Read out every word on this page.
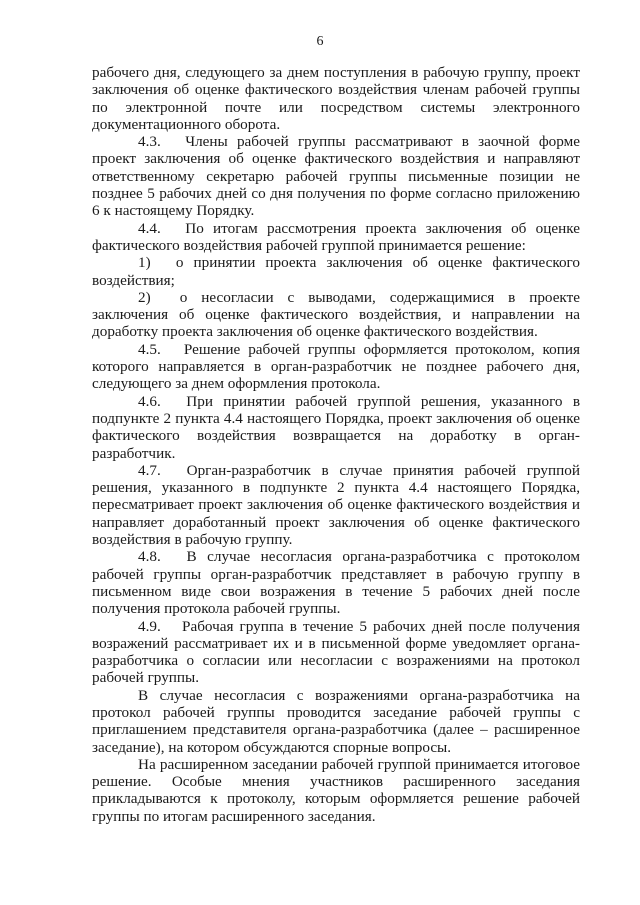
6

рабочего дня, следующего за днем поступления в рабочую группу, проект заключения об оценке фактического воздействия членам рабочей группы по электронной почте или посредством системы электронного документационного оборота.

4.3.  Члены рабочей группы рассматривают в заочной форме проект заключения об оценке фактического воздействия и направляют ответственному секретарю рабочей группы письменные позиции не позднее 5 рабочих дней со дня получения по форме согласно приложению 6 к настоящему Порядку.

4.4.  По итогам рассмотрения проекта заключения об оценке фактического воздействия рабочей группой принимается решение:

1)  о принятии проекта заключения об оценке фактического воздействия;

2)  о несогласии с выводами, содержащимися в проекте заключения об оценке фактического воздействия, и направлении на доработку проекта заключения об оценке фактического воздействия.

4.5.  Решение рабочей группы оформляется протоколом, копия которого направляется в орган-разработчик не позднее рабочего дня, следующего за днем оформления протокола.

4.6.  При принятии рабочей группой решения, указанного в подпункте 2 пункта 4.4 настоящего Порядка, проект заключения об оценке фактического воздействия возвращается на доработку в орган-разработчик.

4.7.  Орган-разработчик в случае принятия рабочей группой решения, указанного в подпункте 2 пункта 4.4 настоящего Порядка, пересматривает проект заключения об оценке фактического воздействия и направляет доработанный проект заключения об оценке фактического воздействия в рабочую группу.

4.8.  В случае несогласия органа-разработчика с протоколом рабочей группы орган-разработчик представляет в рабочую группу в письменном виде свои возражения в течение 5 рабочих дней после получения протокола рабочей группы.

4.9.  Рабочая группа в течение 5 рабочих дней после получения возражений рассматривает их и в письменной форме уведомляет органа-разработчика о согласии или несогласии с возражениями на протокол рабочей группы.

В случае несогласия с возражениями органа-разработчика на протокол рабочей группы проводится заседание рабочей группы с приглашением представителя органа-разработчика (далее – расширенное заседание), на котором обсуждаются спорные вопросы.

На расширенном заседании рабочей группой принимается итоговое решение. Особые мнения участников расширенного заседания прикладываются к протоколу, которым оформляется решение рабочей группы по итогам расширенного заседания.
